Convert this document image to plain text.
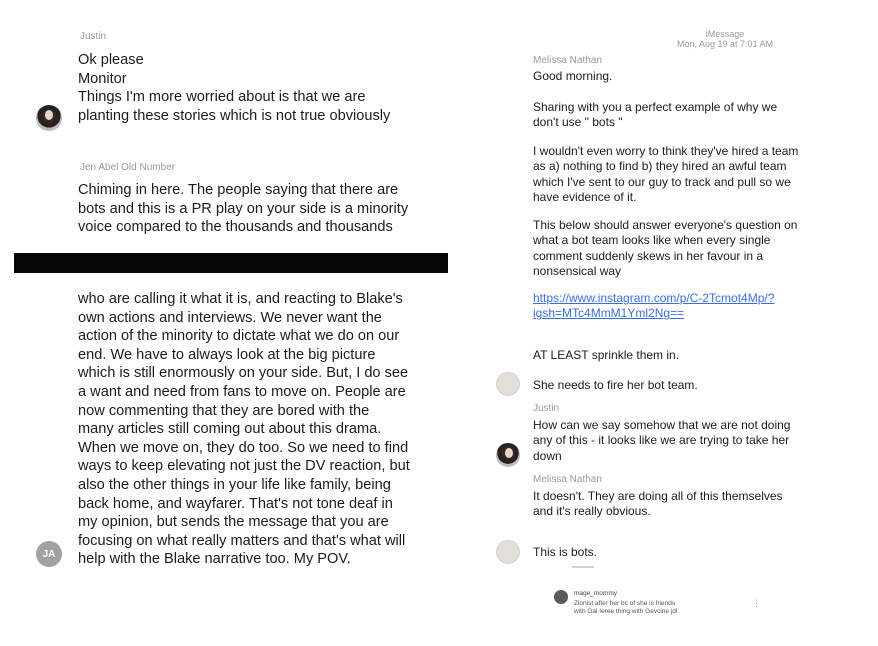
Justin
Ok please
Monitor
Things I'm more worried about is that we are
planting these stories which is not true obviously
Jen Abel Old Number
Chiming in here. The people saying that there are
bots and this is a PR play on your side is a minority
voice compared to the thousands and thousands
who are calling it what it is, and reacting to Blake's
own actions and interviews. We never want the
action of the minority to dictate what we do on our
end. We have to always look at the big picture
which is still enormously on your side. But, I do see
a want and need from fans to move on. People are
now commenting that they are bored with the
many articles still coming out about this drama.
When we move on, they do too. So we need to find
ways to keep elevating not just the DV reaction, but
also the other things in your life like family, being
back home, and wayfarer. That's not tone deaf in
my opinion, but sends the message that you are
focusing on what really matters and that's what will
help with the Blake narrative too. My POV.
JA
iMessage
Mon, Aug 19 at 7:01 AM
Melissa Nathan
Good morning.
Sharing with you a perfect example of why we
don't use " bots "
I wouldn't even worry to think they've hired a team
as a) nothing to find b) they hired an awful team
which I've sent to our guy to track and pull so we
have evidence of it.
This below should answer everyone's question on
what a bot team looks like when every single
comment suddenly skews in her favour in a
nonsensical way
https://www.instagram.com/p/C-2Tcmot4Mp/?
igsh=MTc4MmM1Yml2Ng==
AT LEAST sprinkle them in.
She needs to fire her bot team.
Justin
How can we say somehow that we are not doing
any of this - it looks like we are trying to take her
down
Melissa Nathan
It doesn't. They are doing all of this themselves
and it's really obvious.
This is bots.
mage_mommy
Zionist after her bc of she is friends
with Gal Ieree thing with Gevcine jdl
⋮
